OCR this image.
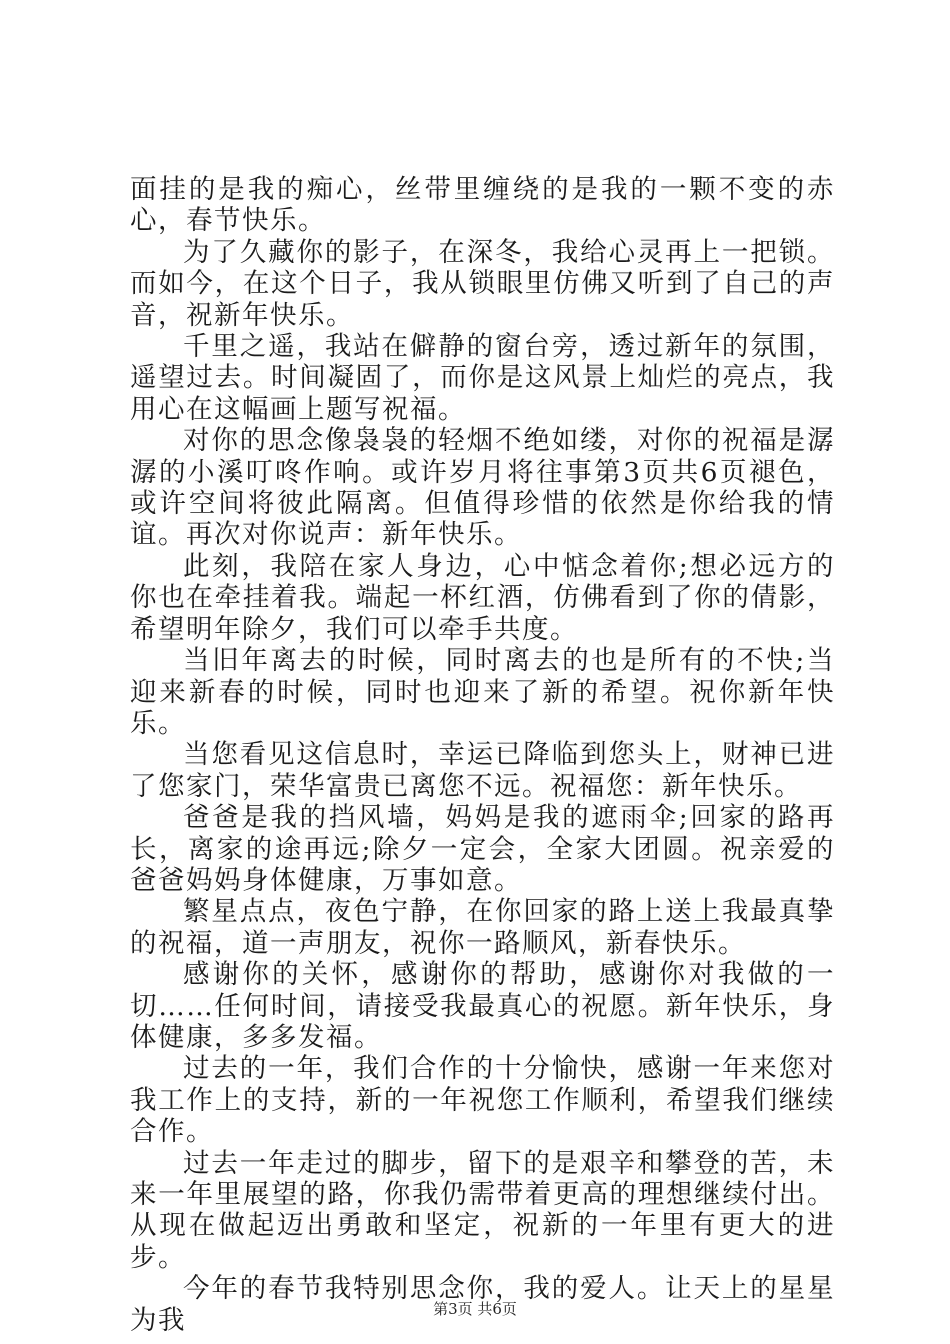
面挂的是我的痴心，丝带里缠绕的是我的一颗不变的赤心，春节快乐。

为了久藏你的影子，在深冬，我给心灵再上一把锁。而如今，在这个日子，我从锁眼里仿佛又听到了自己的声音，祝新年快乐。

千里之遥，我站在僻静的窗台旁，透过新年的氛围，遥望过去。时间凝固了，而你是这风景上灿烂的亮点，我用心在这幅画上题写祝福。

对你的思念像袅袅的轻烟不绝如缕，对你的祝福是潺潺的小溪叮咚作响。或许岁月将往事第3页共6页褪色，或许空间将彼此隔离。但值得珍惜的依然是你给我的情谊。再次对你说声：新年快乐。

此刻，我陪在家人身边，心中惦念着你;想必远方的你也在牵挂着我。端起一杯红酒，仿佛看到了你的倩影，希望明年除夕，我们可以牵手共度。

当旧年离去的时候，同时离去的也是所有的不快;当迎来新春的时候，同时也迎来了新的希望。祝你新年快乐。

当您看见这信息时，幸运已降临到您头上，财神已进了您家门，荣华富贵已离您不远。祝福您：新年快乐。

爸爸是我的挡风墙，妈妈是我的遮雨伞;回家的路再长，离家的途再远;除夕一定会，全家大团圆。祝亲爱的爸爸妈妈身体健康，万事如意。

繁星点点，夜色宁静，在你回家的路上送上我最真挚的祝福，道一声朋友，祝你一路顺风，新春快乐。

感谢你的关怀，感谢你的帮助，感谢你对我做的一切……任何时间，请接受我最真心的祝愿。新年快乐，身体健康，多多发福。

过去的一年，我们合作的十分愉快，感谢一年来您对我工作上的支持，新的一年祝您工作顺利，希望我们继续合作。

过去一年走过的脚步，留下的是艰辛和攀登的苦，未来一年里展望的路，你我仍需带着更高的理想继续付出。从现在做起迈出勇敢和坚定，祝新的一年里有更大的进步。

今年的春节我特别思念你，我的爱人。让天上的星星为我	第3页 共6页
